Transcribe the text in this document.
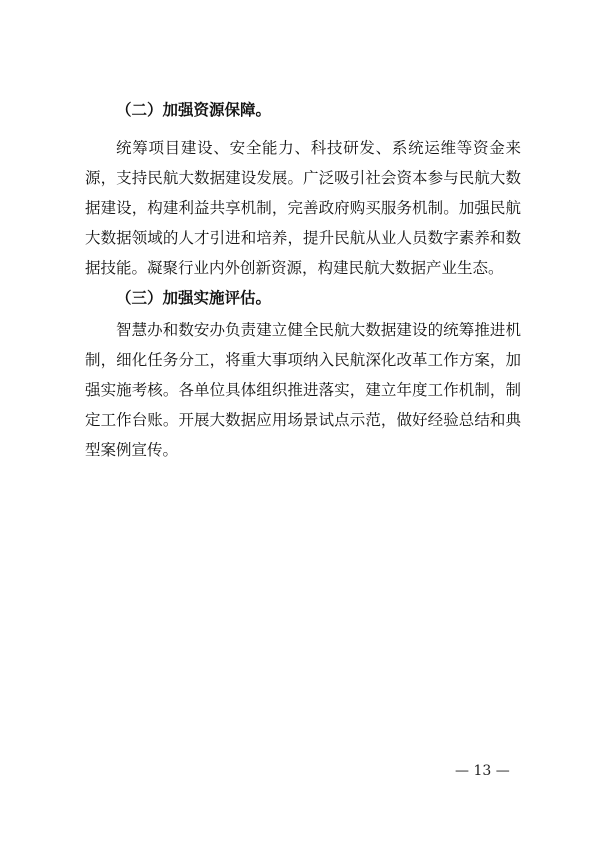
（二）加强资源保障。
统筹项目建设、安全能力、科技研发、系统运维等资金来
源，支持民航大数据建设发展。广泛吸引社会资本参与民航大数
据建设，构建利益共享机制，完善政府购买服务机制。加强民航
大数据领域的人才引进和培养，提升民航从业人员数字素养和数
据技能。凝聚行业内外创新资源，构建民航大数据产业生态。
（三）加强实施评估。
智慧办和数安办负责建立健全民航大数据建设的统筹推进机
制，细化任务分工，将重大事项纳入民航深化改革工作方案，加
强实施考核。各单位具体组织推进落实，建立年度工作机制，制
定工作台账。开展大数据应用场景试点示范，做好经验总结和典
型案例宣传。
— 13 —
